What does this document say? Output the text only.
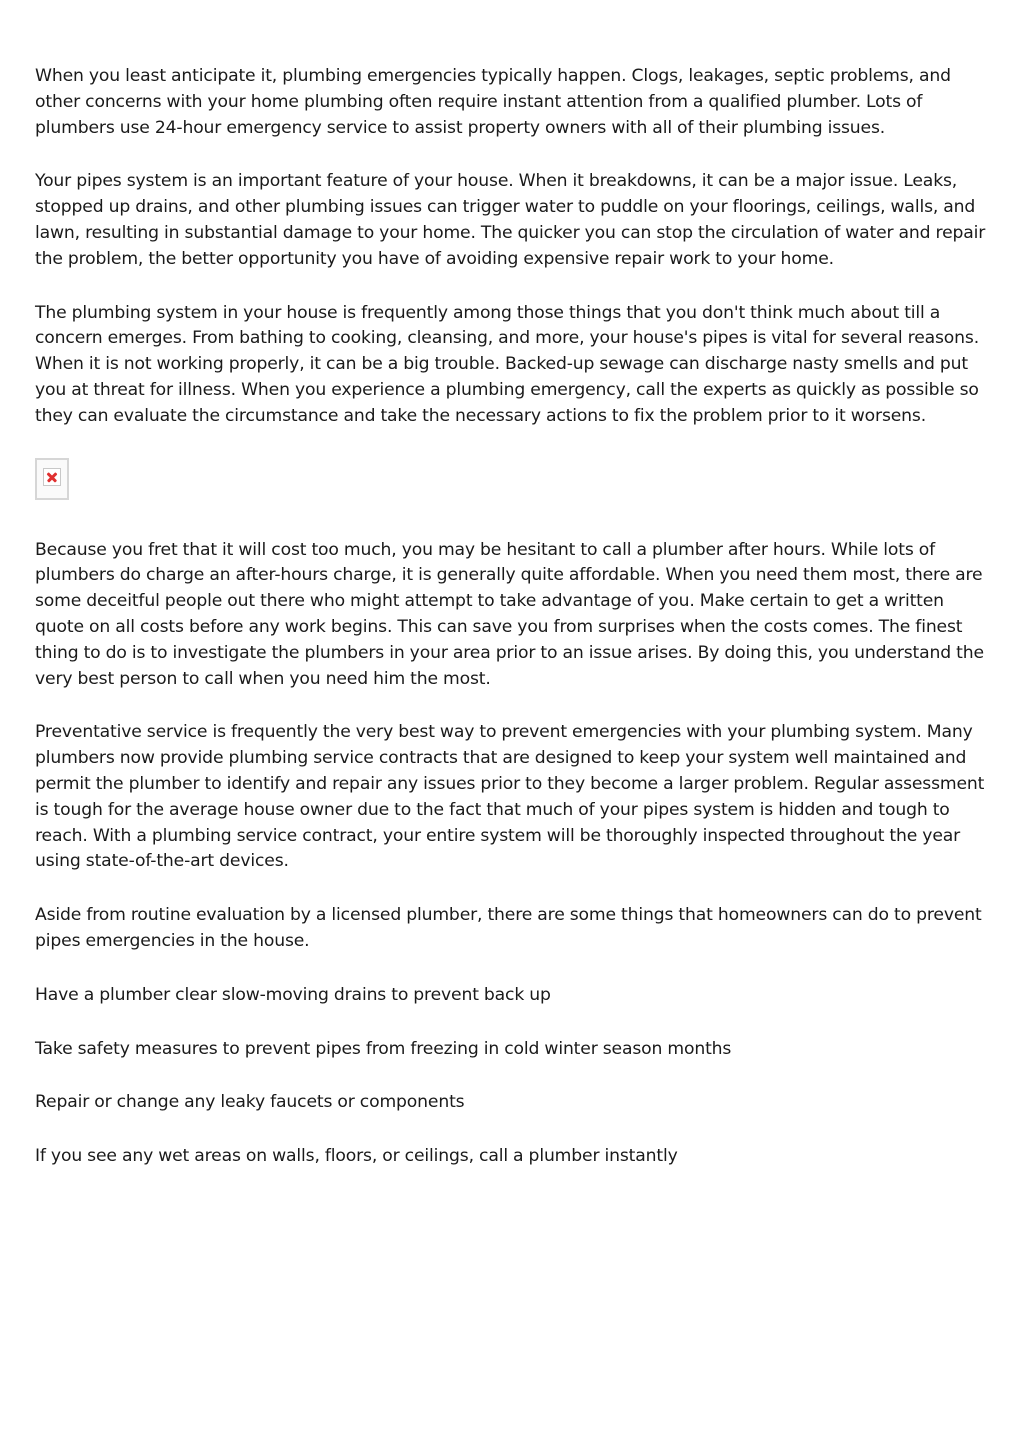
When you least anticipate it, plumbing emergencies typically happen. Clogs, leakages, septic problems, and other concerns with your home plumbing often require instant attention from a qualified plumber. Lots of plumbers use 24-hour emergency service to assist property owners with all of their plumbing issues.

Your pipes system is an important feature of your house. When it breakdowns, it can be a major issue. Leaks, stopped up drains, and other plumbing issues can trigger water to puddle on your floorings, ceilings, walls, and lawn, resulting in substantial damage to your home. The quicker you can stop the circulation of water and repair the problem, the better opportunity you have of avoiding expensive repair work to your home.

The plumbing system in your house is frequently among those things that you don't think much about till a concern emerges. From bathing to cooking, cleansing, and more, your house's pipes is vital for several reasons. When it is not working properly, it can be a big trouble. Backed-up sewage can discharge nasty smells and put you at threat for illness. When you experience a plumbing emergency, call the experts as quickly as possible so they can evaluate the circumstance and take the necessary actions to fix the problem prior to it worsens.

Because you fret that it will cost too much, you may be hesitant to call a plumber after hours. While lots of plumbers do charge an after-hours charge, it is generally quite affordable. When you need them most, there are some deceitful people out there who might attempt to take advantage of you. Make certain to get a written quote on all costs before any work begins. This can save you from surprises when the costs comes. The finest thing to do is to investigate the plumbers in your area prior to an issue arises. By doing this, you understand the very best person to call when you need him the most.

Preventative service is frequently the very best way to prevent emergencies with your plumbing system. Many plumbers now provide plumbing service contracts that are designed to keep your system well maintained and permit the plumber to identify and repair any issues prior to they become a larger problem. Regular assessment is tough for the average house owner due to the fact that much of your pipes system is hidden and tough to reach. With a plumbing service contract, your entire system will be thoroughly inspected throughout the year using state-of-the-art devices.

Aside from routine evaluation by a licensed plumber, there are some things that homeowners can do to prevent pipes emergencies in the house.

Have a plumber clear slow-moving drains to prevent back up

Take safety measures to prevent pipes from freezing in cold winter season months

Repair or change any leaky faucets or components

If you see any wet areas on walls, floors, or ceilings, call a plumber instantly
